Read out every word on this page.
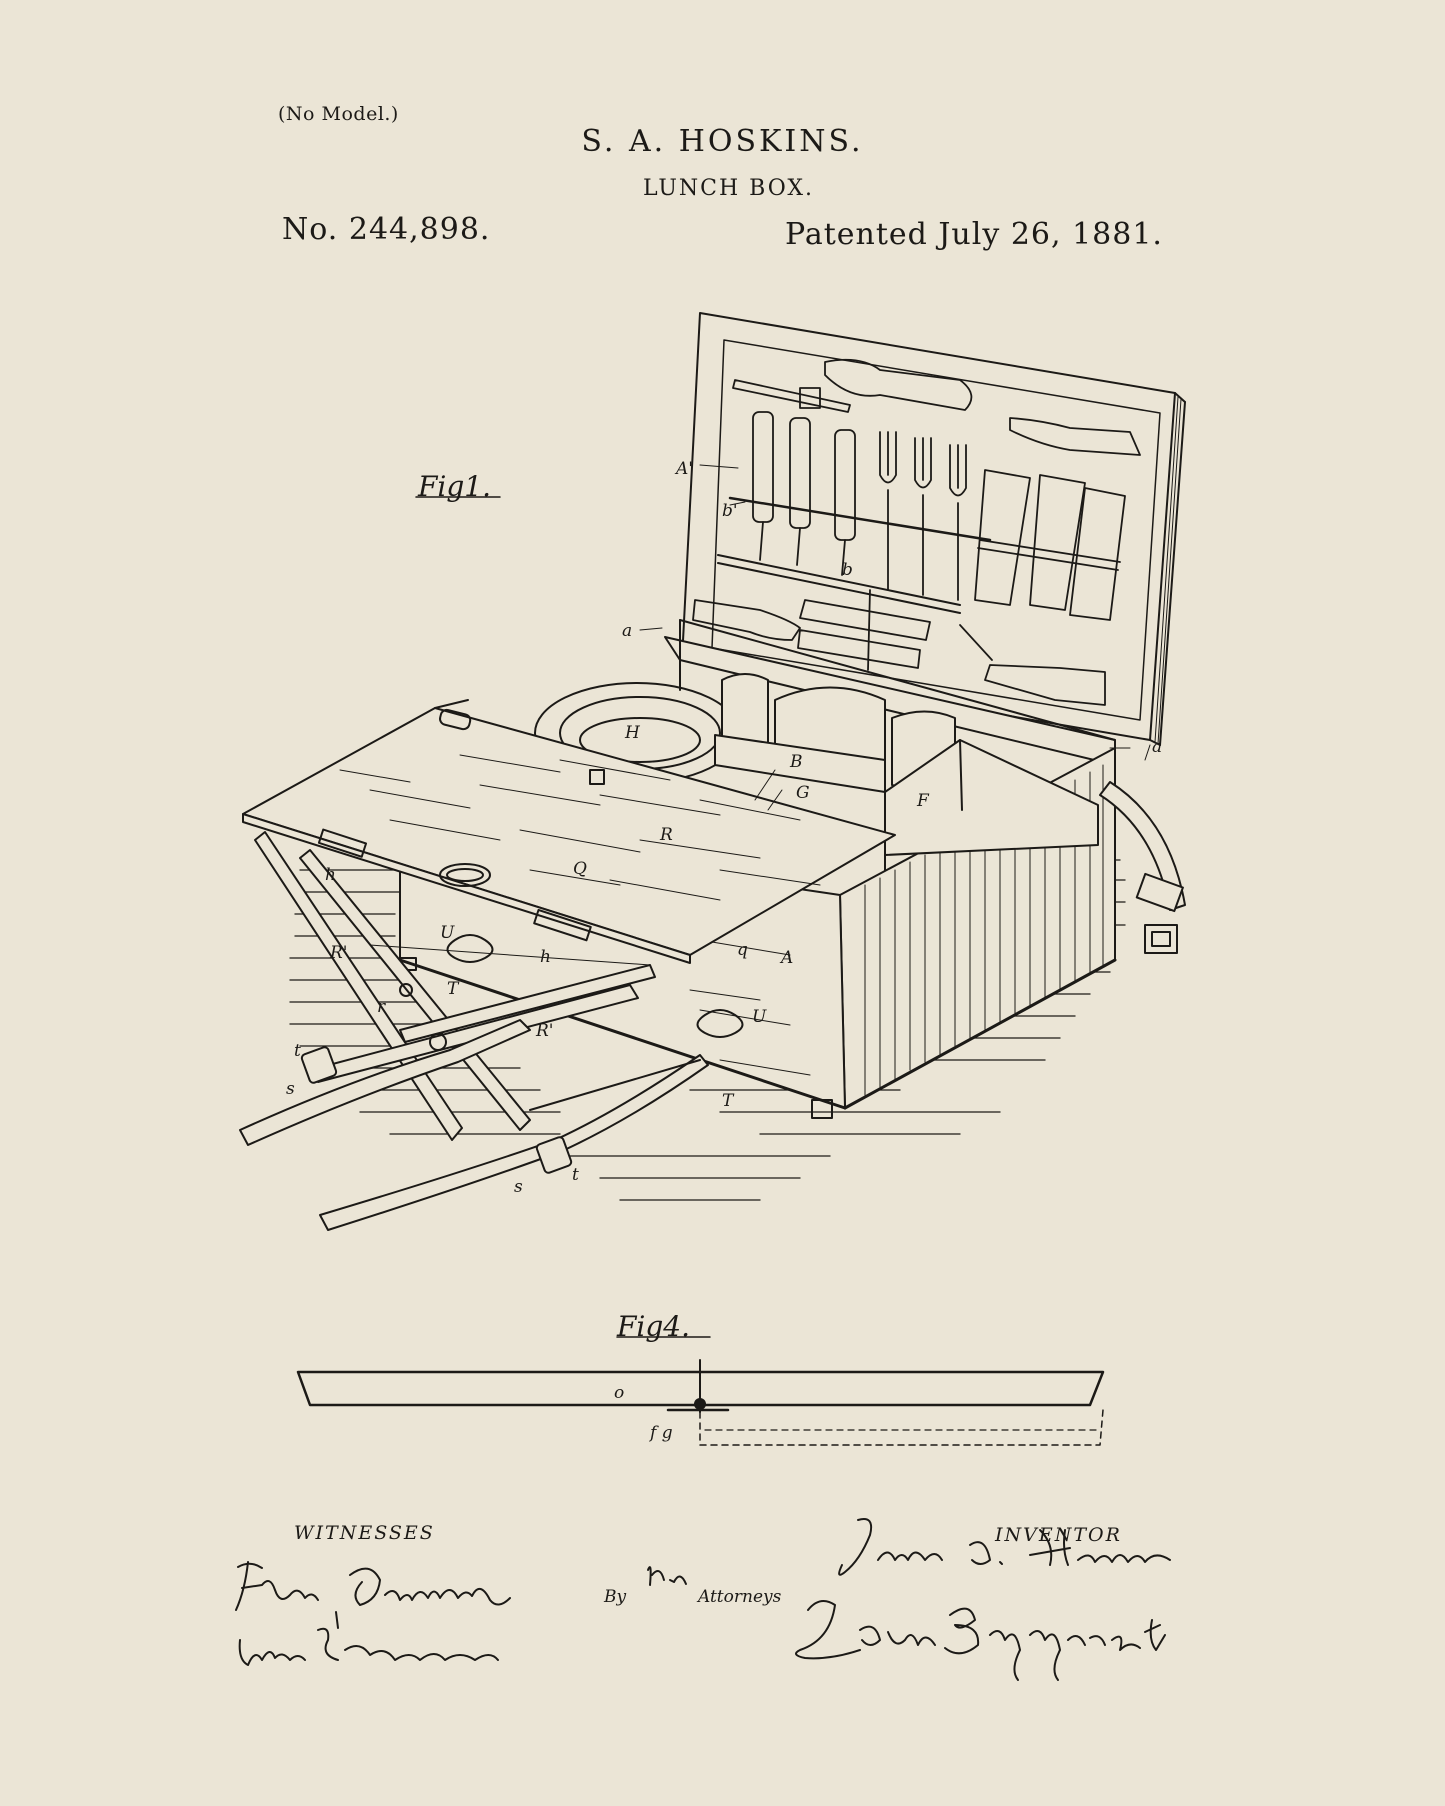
(No Model.)
S. A. HOSKINS.
LUNCH BOX.
No. 244,898.	Patented July 26, 1881.
Fig1.
Fig4.
A'
b'
b
a
a
H
B
G	F
R
Q
h
R'
U
h
T
r
R'
q A
U
t
s
T
s
t
o
f g
WITNESSES	INVENTOR
By	Attorneys
